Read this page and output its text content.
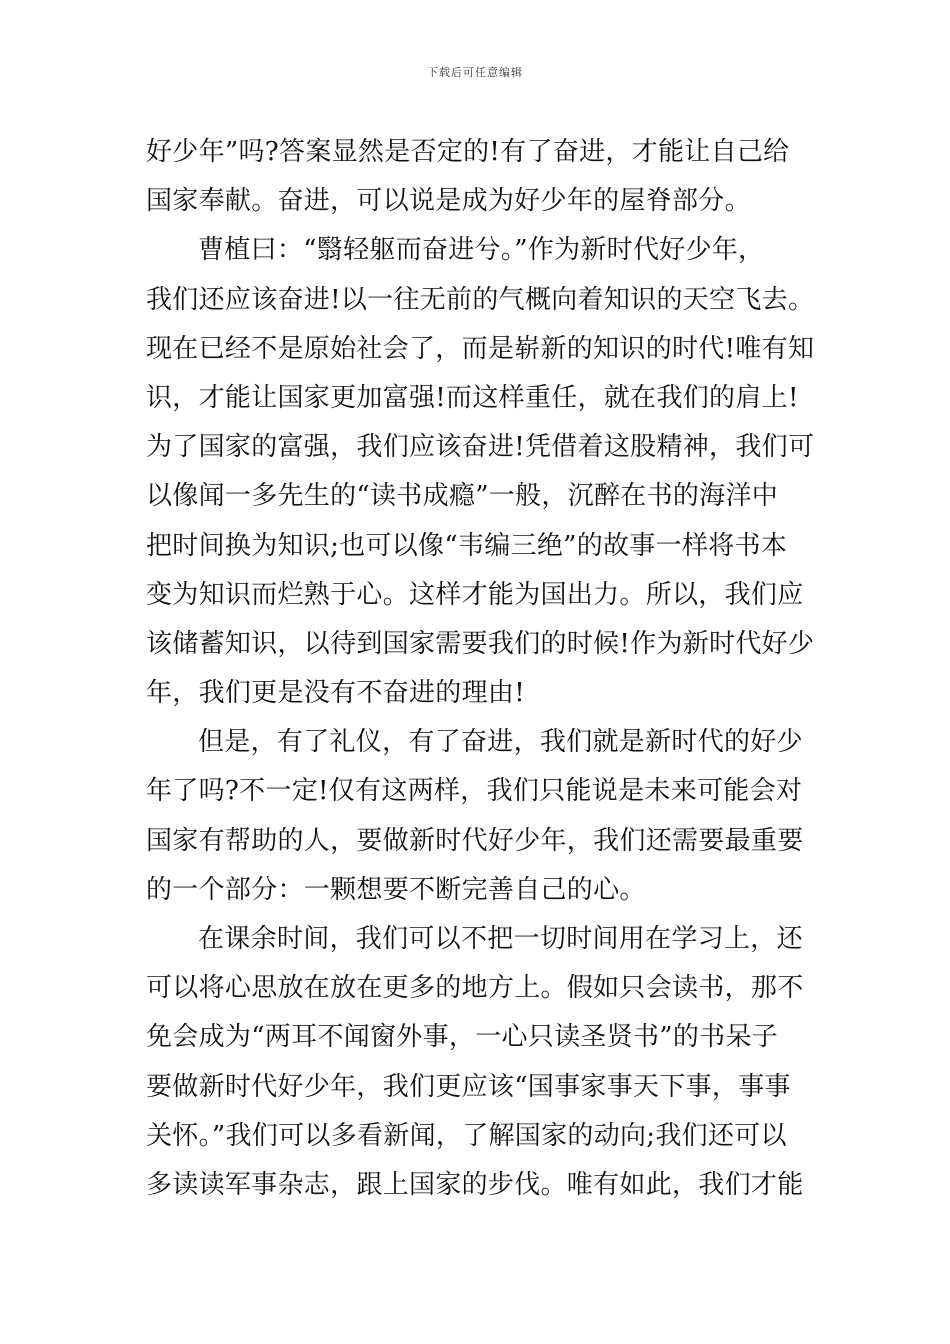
下载后可任意编辑
好少年”吗?答案显然是否定的!有了奋进，才能让自己给
国家奉献。奋进，可以说是成为好少年的屋脊部分。
曹植曰：“翳轻躯而奋进兮。”作为新时代好少年，
我们还应该奋进!以一往无前的气概向着知识的天空飞去。
现在已经不是原始社会了，而是崭新的知识的时代!唯有知
识，才能让国家更加富强!而这样重任，就在我们的肩上!
为了国家的富强，我们应该奋进!凭借着这股精神，我们可
以像闻一多先生的“读书成瘾”一般，沉醉在书的海洋中
把时间换为知识;也可以像“韦编三绝”的故事一样将书本
变为知识而烂熟于心。这样才能为国出力。所以，我们应
该储蓄知识，以待到国家需要我们的时候!作为新时代好少
年，我们更是没有不奋进的理由!
但是，有了礼仪，有了奋进，我们就是新时代的好少
年了吗?不一定!仅有这两样，我们只能说是未来可能会对
国家有帮助的人，要做新时代好少年，我们还需要最重要
的一个部分：一颗想要不断完善自己的心。
在课余时间，我们可以不把一切时间用在学习上，还
可以将心思放在放在更多的地方上。假如只会读书，那不
免会成为“两耳不闻窗外事，一心只读圣贤书”的书呆子
要做新时代好少年，我们更应该“国事家事天下事，事事
关怀。”我们可以多看新闻，了解国家的动向;我们还可以
多读读军事杂志，跟上国家的步伐。唯有如此，我们才能
